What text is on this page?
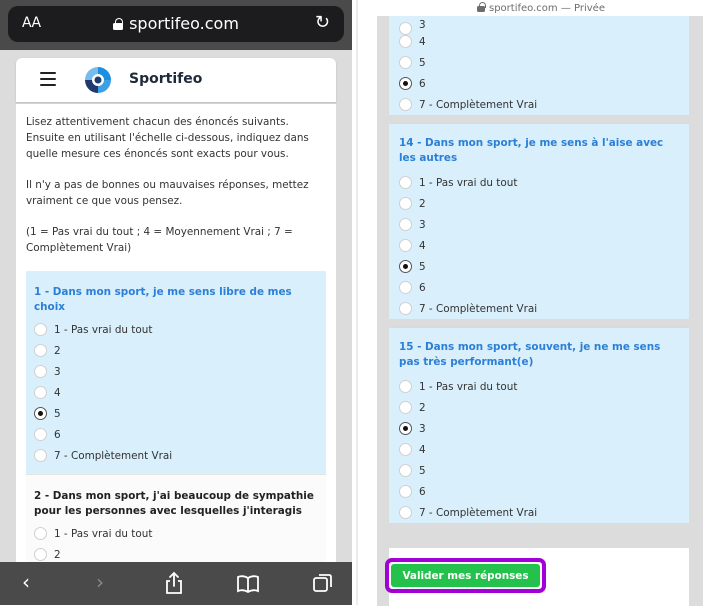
AA	sportifeo.com	↻
Sportifeo

Lisez attentivement chacun des énoncés suivants. Ensuite en utilisant l'échelle ci-dessous, indiquez dans quelle mesure ces énoncés sont exacts pour vous.

Il n'y a pas de bonnes ou mauvaises réponses, mettez vraiment ce que vous pensez.

(1 = Pas vrai du tout ; 4 = Moyennement Vrai ; 7 = Complètement Vrai)

1 - Dans mon sport, je me sens libre de mes choix
1 - Pas vrai du tout
2
3
4
5
6
7 - Complètement Vrai
2 - Dans mon sport, j'ai beaucoup de sympathie pour les personnes avec lesquelles j'interagis
1 - Pas vrai du tout
2
‹	›
sportifeo.com — Privée
3
4
5
6
7 - Complètement Vrai
14 - Dans mon sport, je me sens à l'aise avec les autres
1 - Pas vrai du tout
2
3
4
5
6
7 - Complètement Vrai
15 - Dans mon sport, souvent, je ne me sens pas très performant(e)
1 - Pas vrai du tout
2
3
4
5
6
7 - Complètement Vrai
Valider mes réponses
